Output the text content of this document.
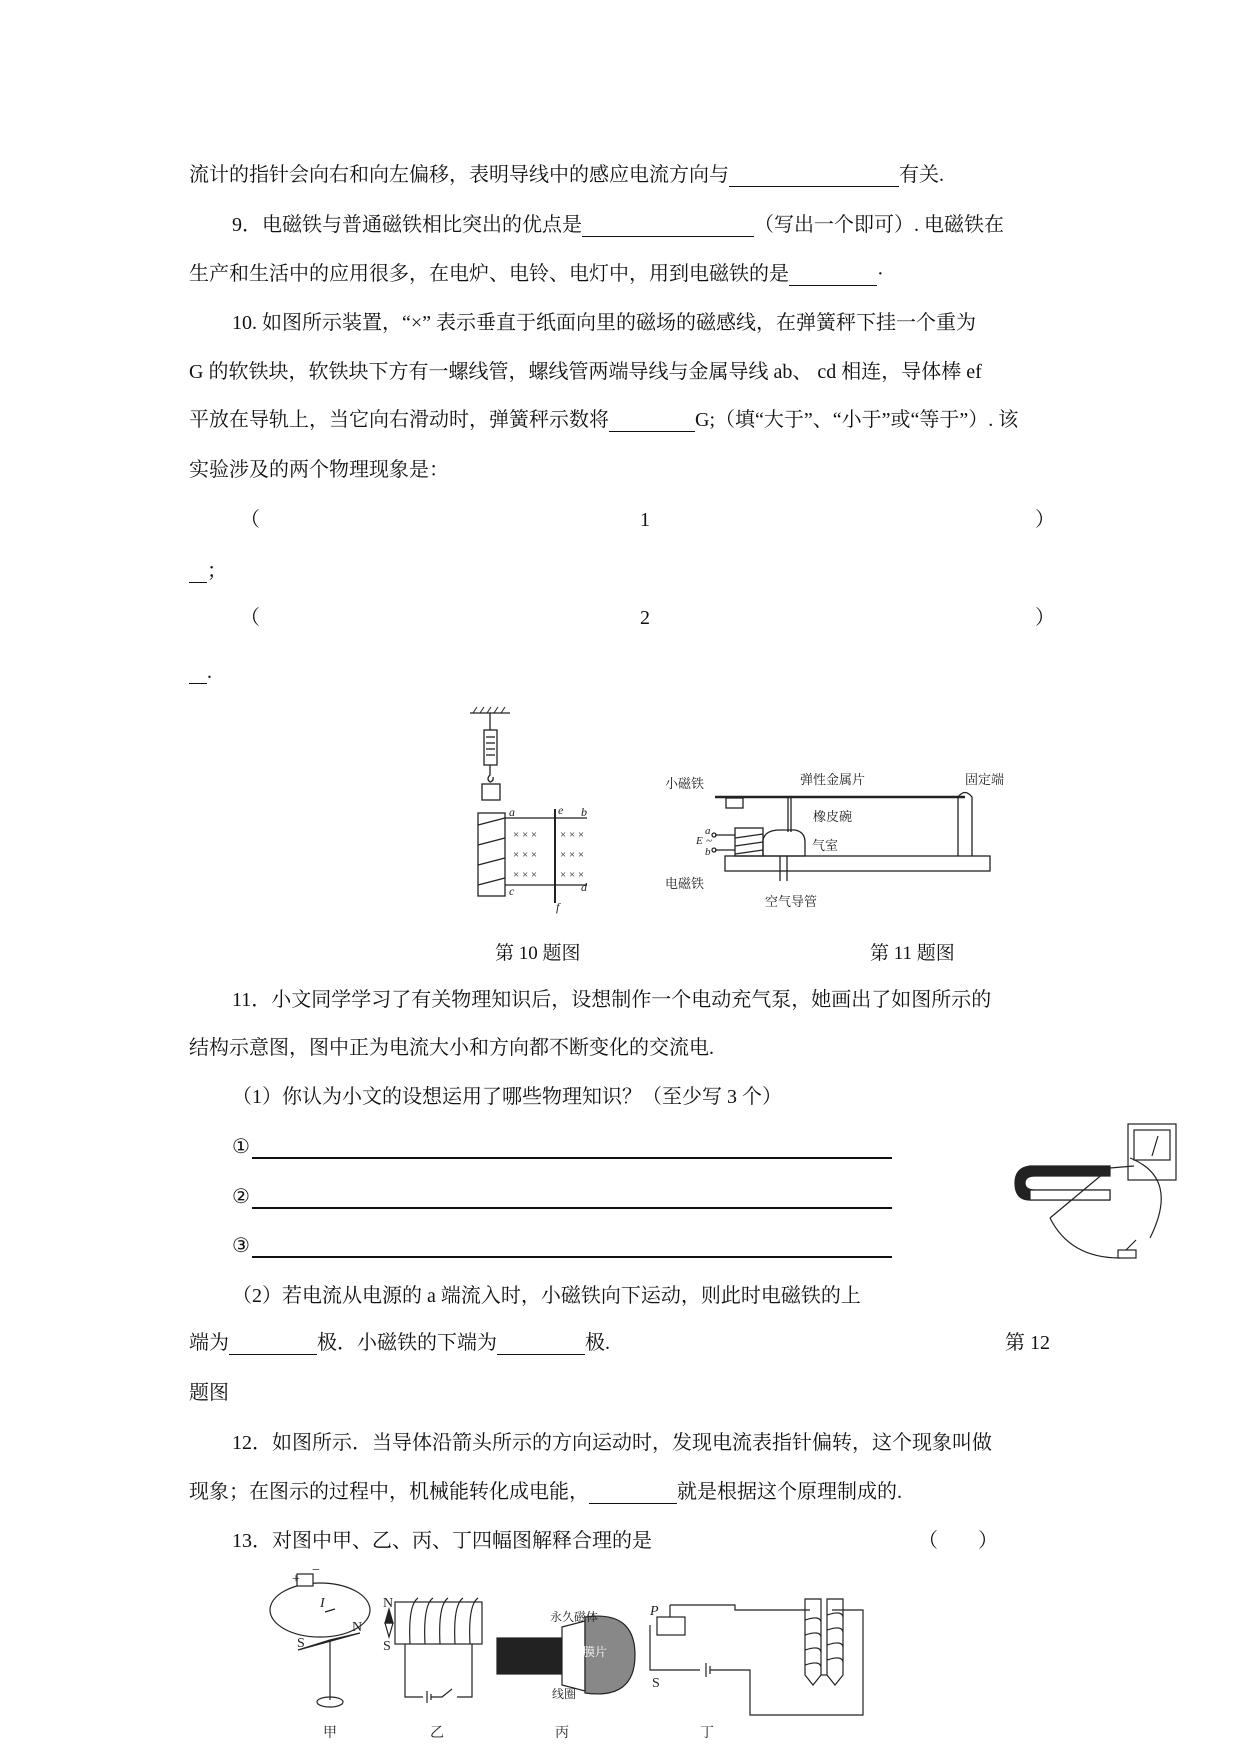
流计的指针会向右和向左偏移，表明导线中的感应电流方向与	有关.
9．电磁铁与普通磁铁相比突出的优点是	（写出一个即可）. 电磁铁在
生产和生活中的应用很多，在电炉、电铃、电灯中，用到电磁铁的是	·
10. 如图所示装置，“×” 表示垂直于纸面向里的磁场的磁感线，在弹簧秤下挂一个重为
G 的软铁块，软铁块下方有一螺线管，螺线管两端导线与金属导线 ab、 cd 相连，导体棒 ef
平放在导轨上，当它向右滑动时，弹簧秤示数将	G;（填“大于”、“小于”或“等于”）. 该
实验涉及的两个物理现象是：
（	1	）
；
（	2	）
.
a	e b
c	d
f
× × × × × ×
× × × × × ×
× × × × × ×
第 10 题图
小磁铁	弹性金属片	固定端
橡皮碗
气室
电磁铁
空气导管
a
E ~
b
第 11 题图
11．小文同学学习了有关物理知识后，设想制作一个电动充气泵，她画出了如图所示的
结构示意图，图中正为电流大小和方向都不断变化的交流电.
（1）你认为小文的设想运用了哪些物理知识？（至少写 3 个）
①
②
③
（2）若电流从电源的 a 端流入时，小磁铁向下运动，则此时电磁铁的上
端为	极．小磁铁的下端为	极.	第 12
题图
12．如图所示．当导体沿箭头所示的方向运动时，发现电流表指针偏转，这个现象叫做
现象；在图示的过程中，机械能转化成电能，	就是根据这个原理制成的.
13．对图中甲、乙、丙、丁四幅图解释合理的是	（　　）
+
−
I
N
S
N
S
永久磁体
膜片
线圈
P
S
甲	乙	丙	丁
